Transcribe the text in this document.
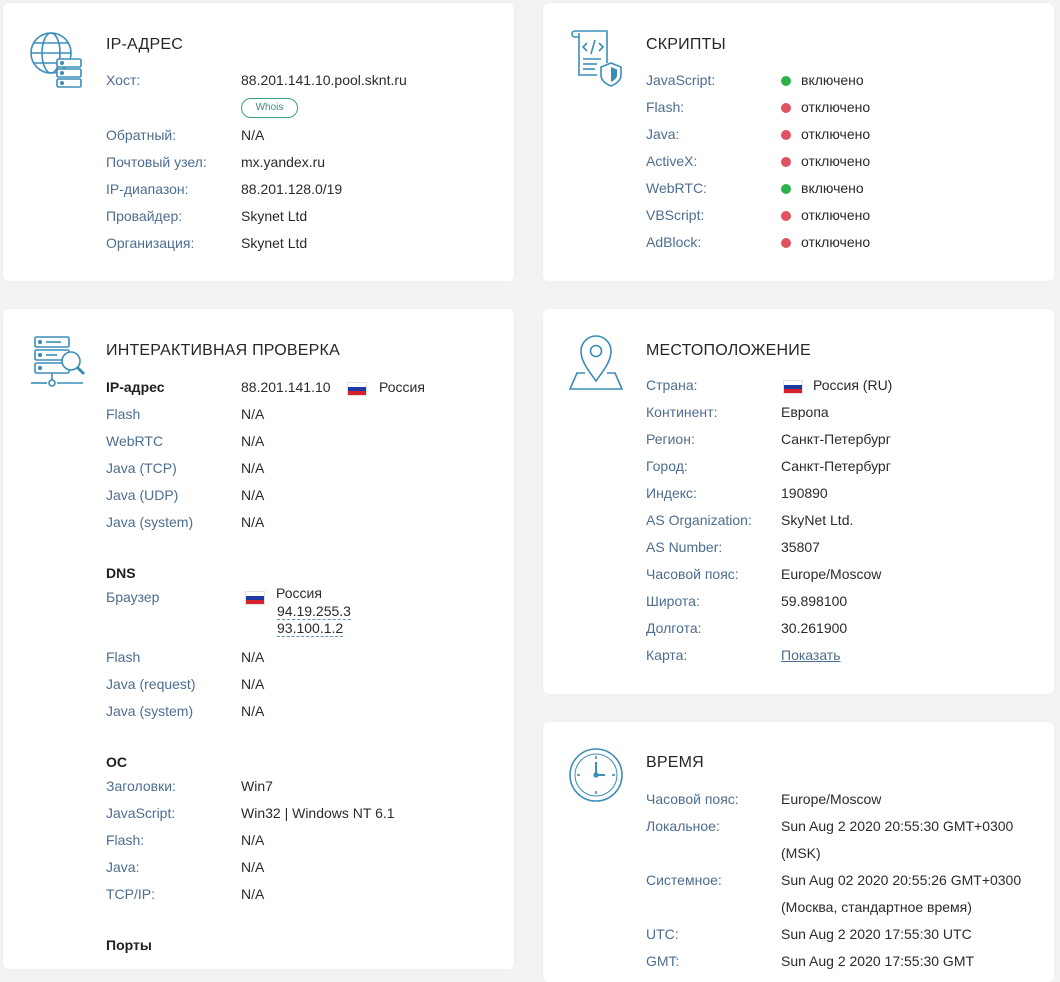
IP-АДРЕС
Хост:	88.201.141.10.pool.sknt.ru
Whois
Обратный:	N/A
Почтовый узел: mx.yandex.ru
IP-диапазон:	88.201.128.0/19
Провайдер:	Skynet Ltd
Организация:	Skynet Ltd
СКРИПТЫ
JavaScript:	включено
Flash:	отключено
Java:	отключено
ActiveX:	отключено
WebRTC:	включено
VBScript:	отключено
AdBlock:	отключено
ИНТЕРАКТИВНАЯ ПРОВЕРКА
IP-адрес	88.201.141.10	Россия
Flash	N/A
WebRTC	N/A
Java (TCP)	N/A
Java (UDP)	N/A
Java (system)	N/A
DNS
Браузер	Россия
94.19.255.3
93.100.1.2
Flash	N/A
Java (request)	N/A
Java (system)	N/A
ОС
Заголовки:	Win7
JavaScript:	Win32 | Windows NT 6.1
Flash:	N/A
Java:	N/A
TCP/IP:	N/A
Порты
МЕСТОПОЛОЖЕНИЕ
Страна:	Россия (RU)
Континент:	Европа
Регион:	Санкт-Петербург
Город:	Санкт-Петербург
Индекс:	190890
AS Organization: SkyNet Ltd.
AS Number:	35807
Часовой пояс:	Europe/Moscow
Широта:	59.898100
Долгота:	30.261900
Карта:	Показать
ВРЕМЯ
Часовой пояс:	Europe/Moscow
Локальное:	Sun Aug 2 2020 20:55:30 GMT+0300
(MSK)
Системное:	Sun Aug 02 2020 20:55:26 GMT+0300
(Москва, стандартное время)
UTC:	Sun Aug 2 2020 17:55:30 UTC
GMT:	Sun Aug 2 2020 17:55:30 GMT
